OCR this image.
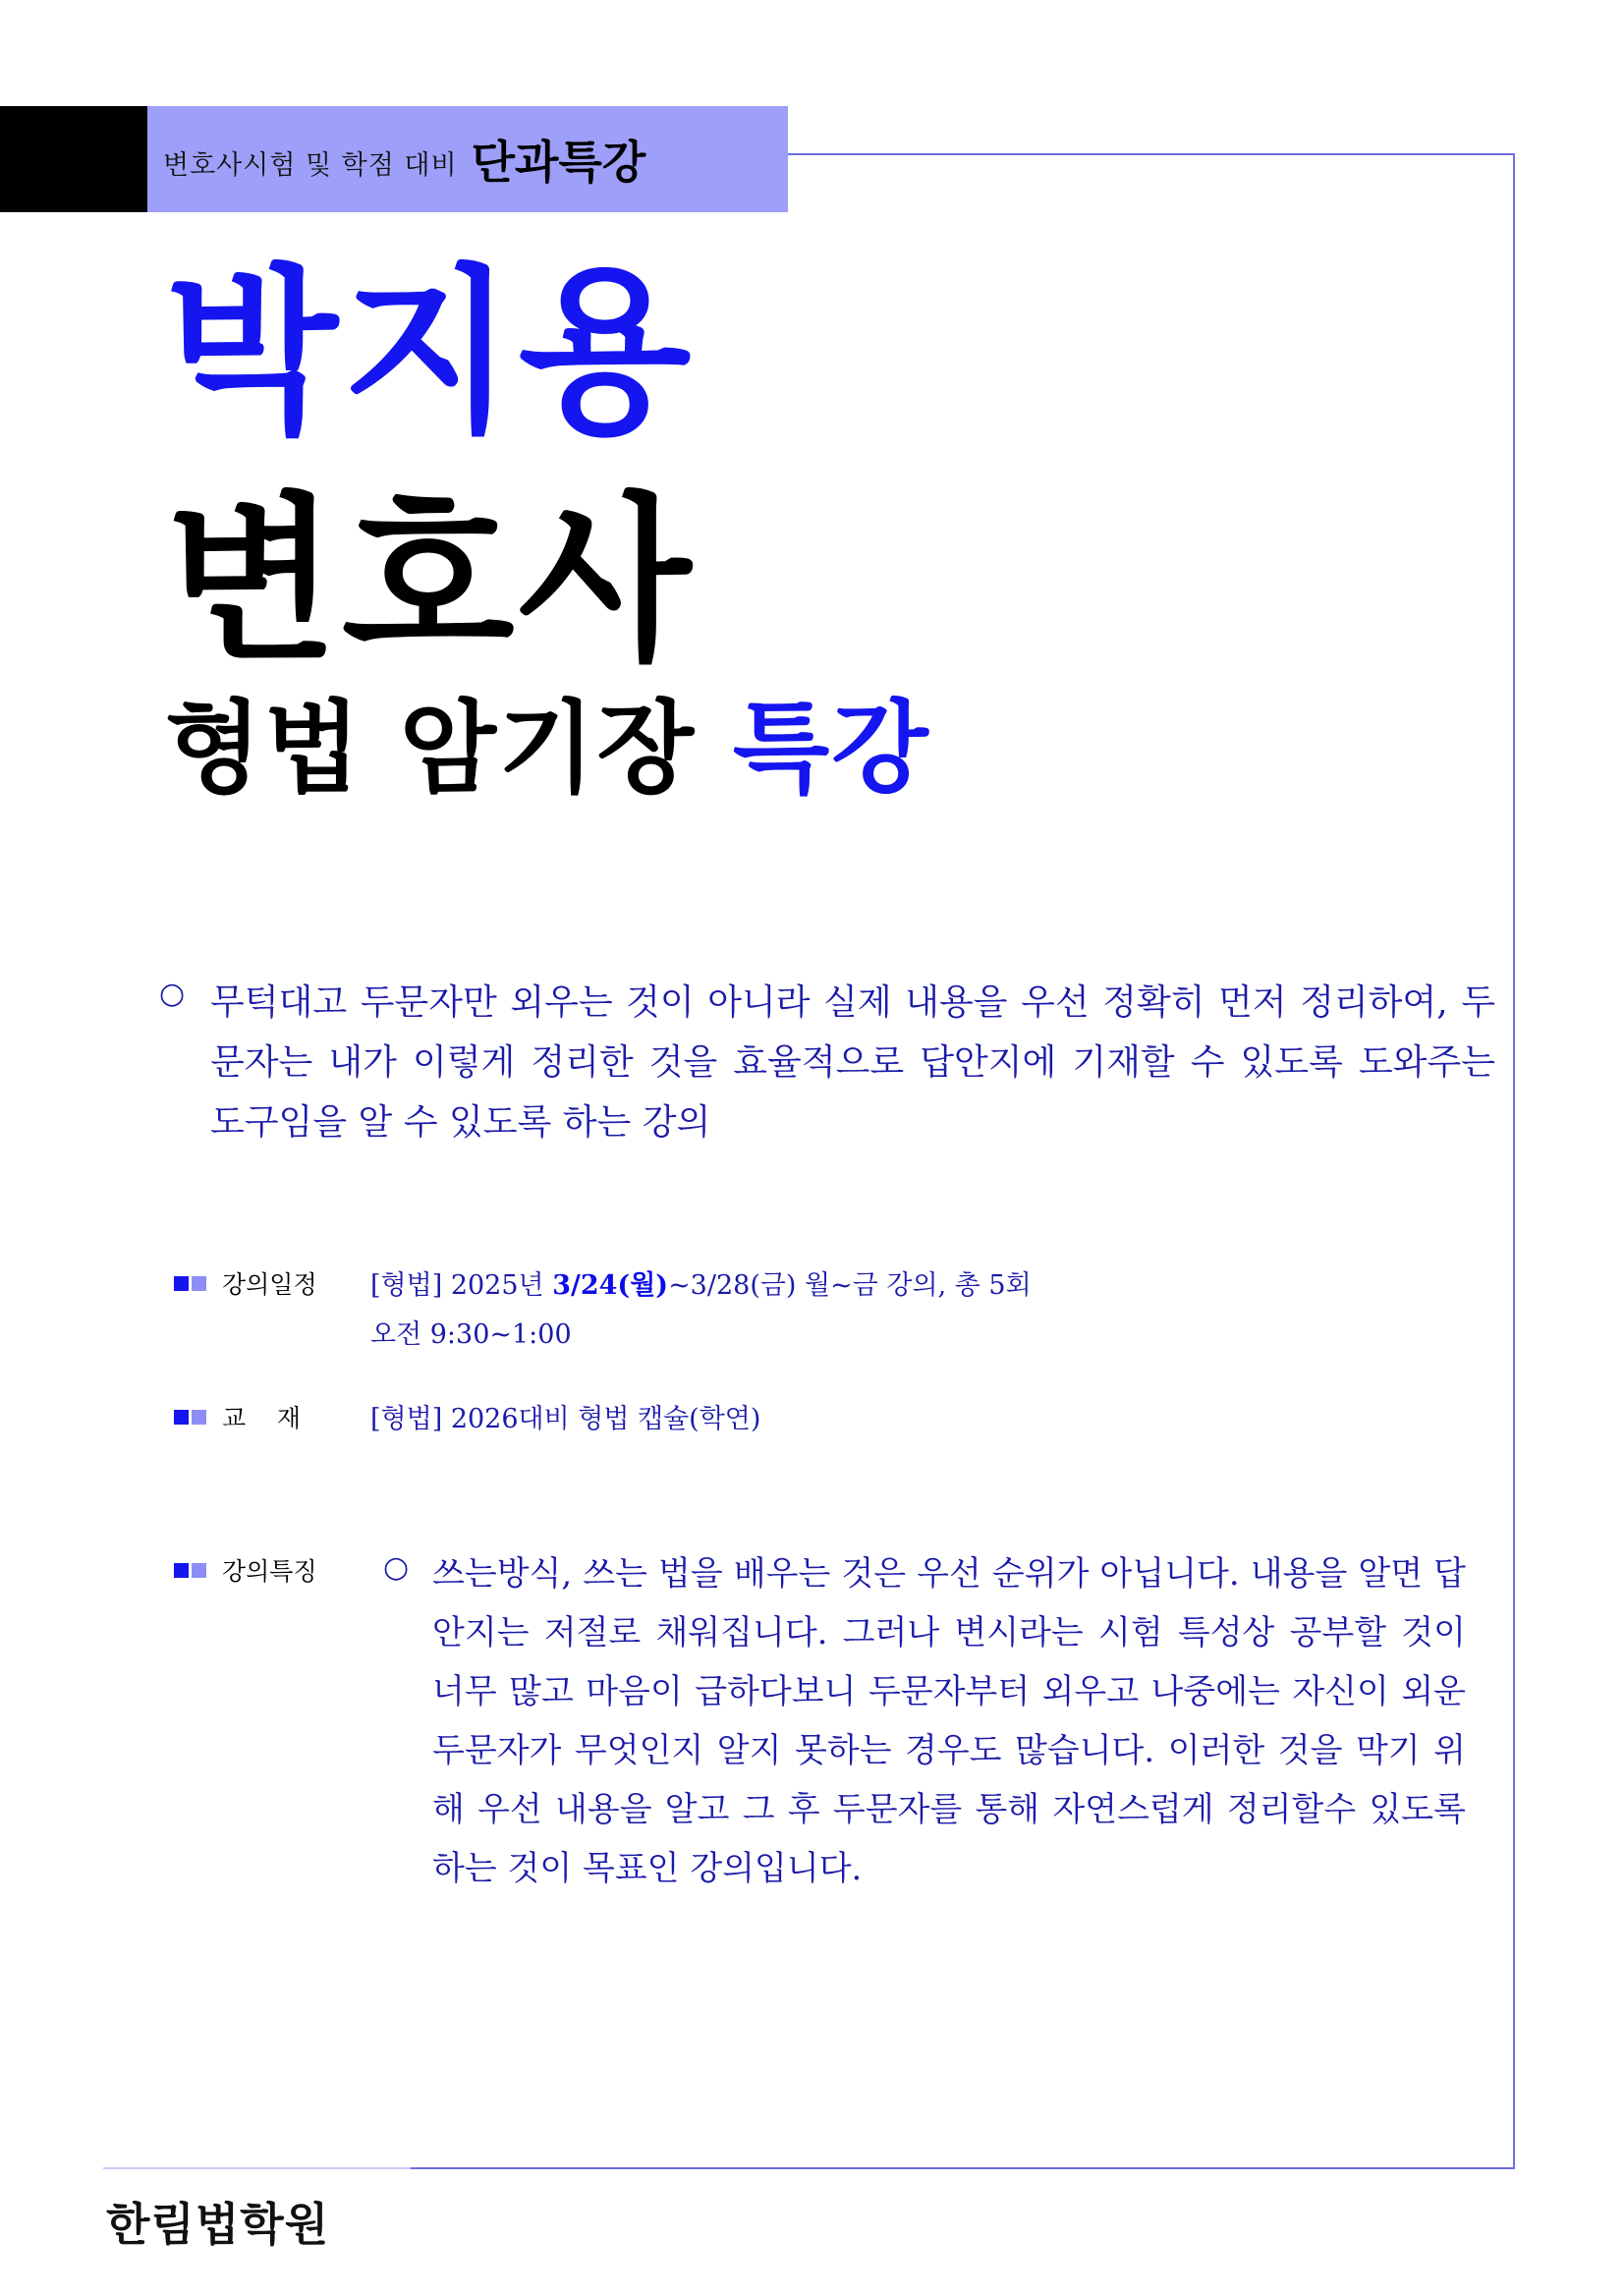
변호사시험 및 학점 대비 단과특강
박지용
변호사
형법 암기장 특강
○ 무턱대고 두문자만 외우는 것이 아니라 실제 내용을 우선 정확히 먼저 정리하여, 두문자는 내가 이렇게 정리한 것을 효율적으로 답안지에 기재할 수 있도록 도와주는 도구임을 알 수 있도록 하는 강의
강의일정 [형법] 2025년 3/24(월)~3/28(금) 월~금 강의, 총 5회
오전 9:30~1:00
교    재	[형법] 2026대비 형법 캡슐(학연)
강의특징 ○ 쓰는방식, 쓰는 법을 배우는 것은 우선 순위가 아닙니다. 내용을 알면 답안지는 저절로 채워집니다. 그러나 변시라는 시험 특성상 공부할 것이 너무 많고 마음이 급하다보니 두문자부터 외우고 나중에는 자신이 외운 두문자가 무엇인지 알지 못하는 경우도 많습니다. 이러한 것을 막기 위해 우선 내용을 알고 그 후 두문자를 통해 자연스럽게 정리할수 있도록 하는 것이 목표인 강의입니다.
한림법학원
